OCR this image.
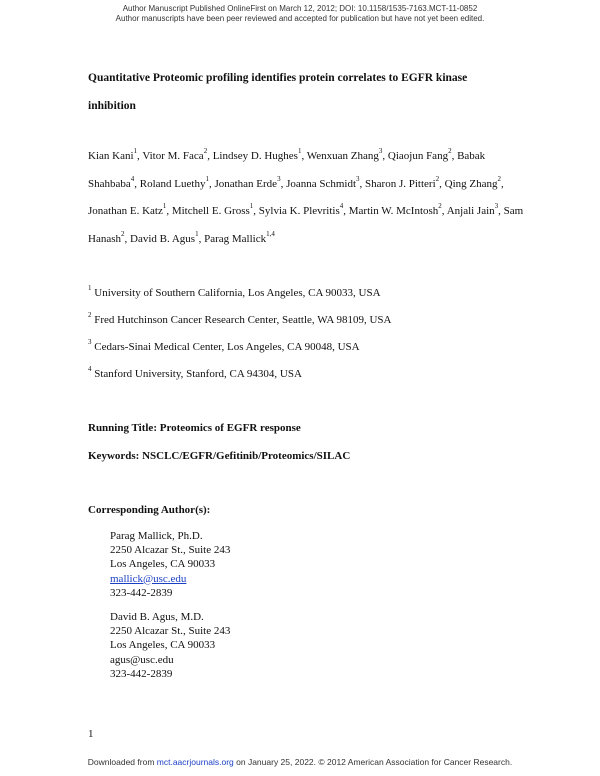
Author Manuscript Published OnlineFirst on March 12, 2012; DOI: 10.1158/1535-7163.MCT-11-0852
Author manuscripts have been peer reviewed and accepted for publication but have not yet been edited.
Quantitative Proteomic profiling identifies protein correlates to EGFR kinase
inhibition
Kian Kani$^1$, Vitor M. Faca$^2$, Lindsey D. Hughes$^1$, Wenxuan Zhang$^3$, Qiaojun Fang$^2$, Babak Shahbaba$^4$, Roland Luethy$^1$, Jonathan Erde$^3$, Joanna Schmidt$^3$, Sharon J. Pitteri$^2$, Qing Zhang$^2$, Jonathan E. Katz$^1$, Mitchell E. Gross$^1$, Sylvia K. Plevritis$^4$, Martin W. McIntosh$^2$, Anjali Jain$^3$, Sam Hanash$^2$, David B. Agus$^1$, Parag Mallick$^{1,4}$
$^1$ University of Southern California, Los Angeles, CA 90033, USA
$^2$ Fred Hutchinson Cancer Research Center, Seattle, WA 98109, USA
$^3$ Cedars-Sinai Medical Center, Los Angeles, CA 90048, USA
$^4$ Stanford University, Stanford, CA 94304, USA
Running Title: Proteomics of EGFR response
Keywords: NSCLC/EGFR/Gefitinib/Proteomics/SILAC
Corresponding Author(s):
Parag Mallick, Ph.D.
2250 Alcazar St., Suite 243
Los Angeles, CA 90033
mallick@usc.edu
323-442-2839
David B. Agus, M.D.
2250 Alcazar St., Suite 243
Los Angeles, CA 90033
agus@usc.edu
323-442-2839
1
Downloaded from mct.aacrjournals.org on January 25, 2022. © 2012 American Association for Cancer Research.
